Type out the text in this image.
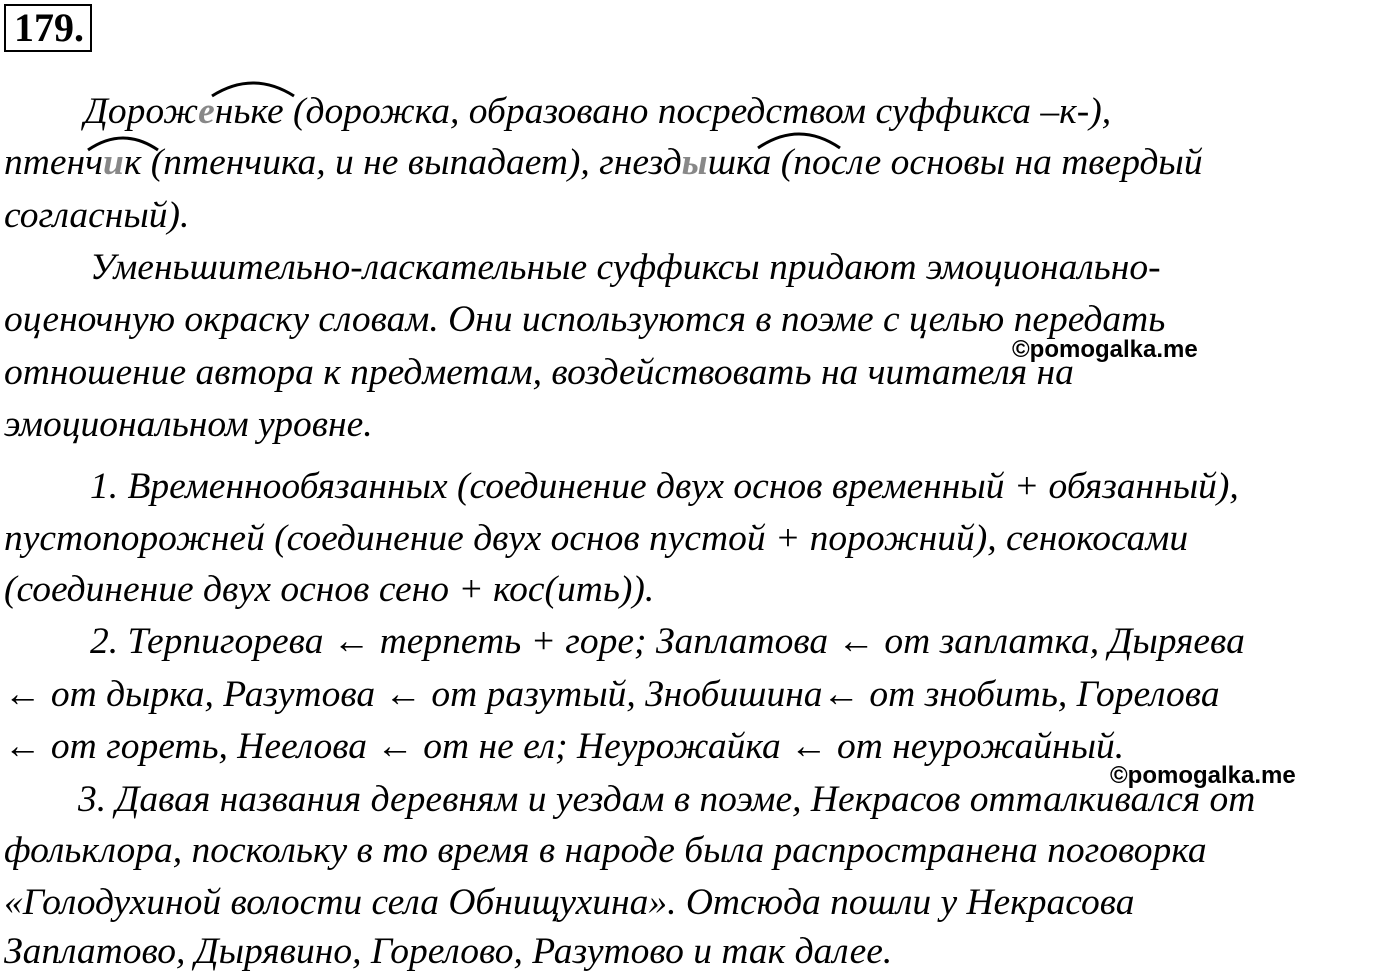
179.
Дороженьке (дорожка, образовано посредством суффикса –к-),
птенчик (птенчика, и не выпадает), гнездышка (после основы на твердый
согласный).
Уменьшительно-ласкательные суффиксы придают эмоционально-
оценочную окраску словам. Они используются в поэме с целью передать
отношение автора к предметам, воздействовать на читателя на
эмоциональном уровне.
©pomogalka.me
1. Временнообязанных (соединение двух основ временный + обязанный),
пустопорожней (соединение двух основ пустой + порожний), сенокосами
(соединение двух основ сено + кос(ить)).
2. Терпигорева ← терпеть + горе; Заплатова ← от заплатка, Дыряева
← от дырка, Разутова ← от разутый, Знобишина← от знобить, Горелова
← от гореть, Неелова ← от не ел; Неурожайка ← от неурожайный.
©pomogalka.me
3. Давая названия деревням и уездам в поэме, Некрасов отталкивался от
фольклора, поскольку в то время в народе была распространена поговорка
«Голодухиной волости села Обнищухина». Отсюда пошли у Некрасова
Заплатово, Дырявино, Горелово, Разутово и так далее.
